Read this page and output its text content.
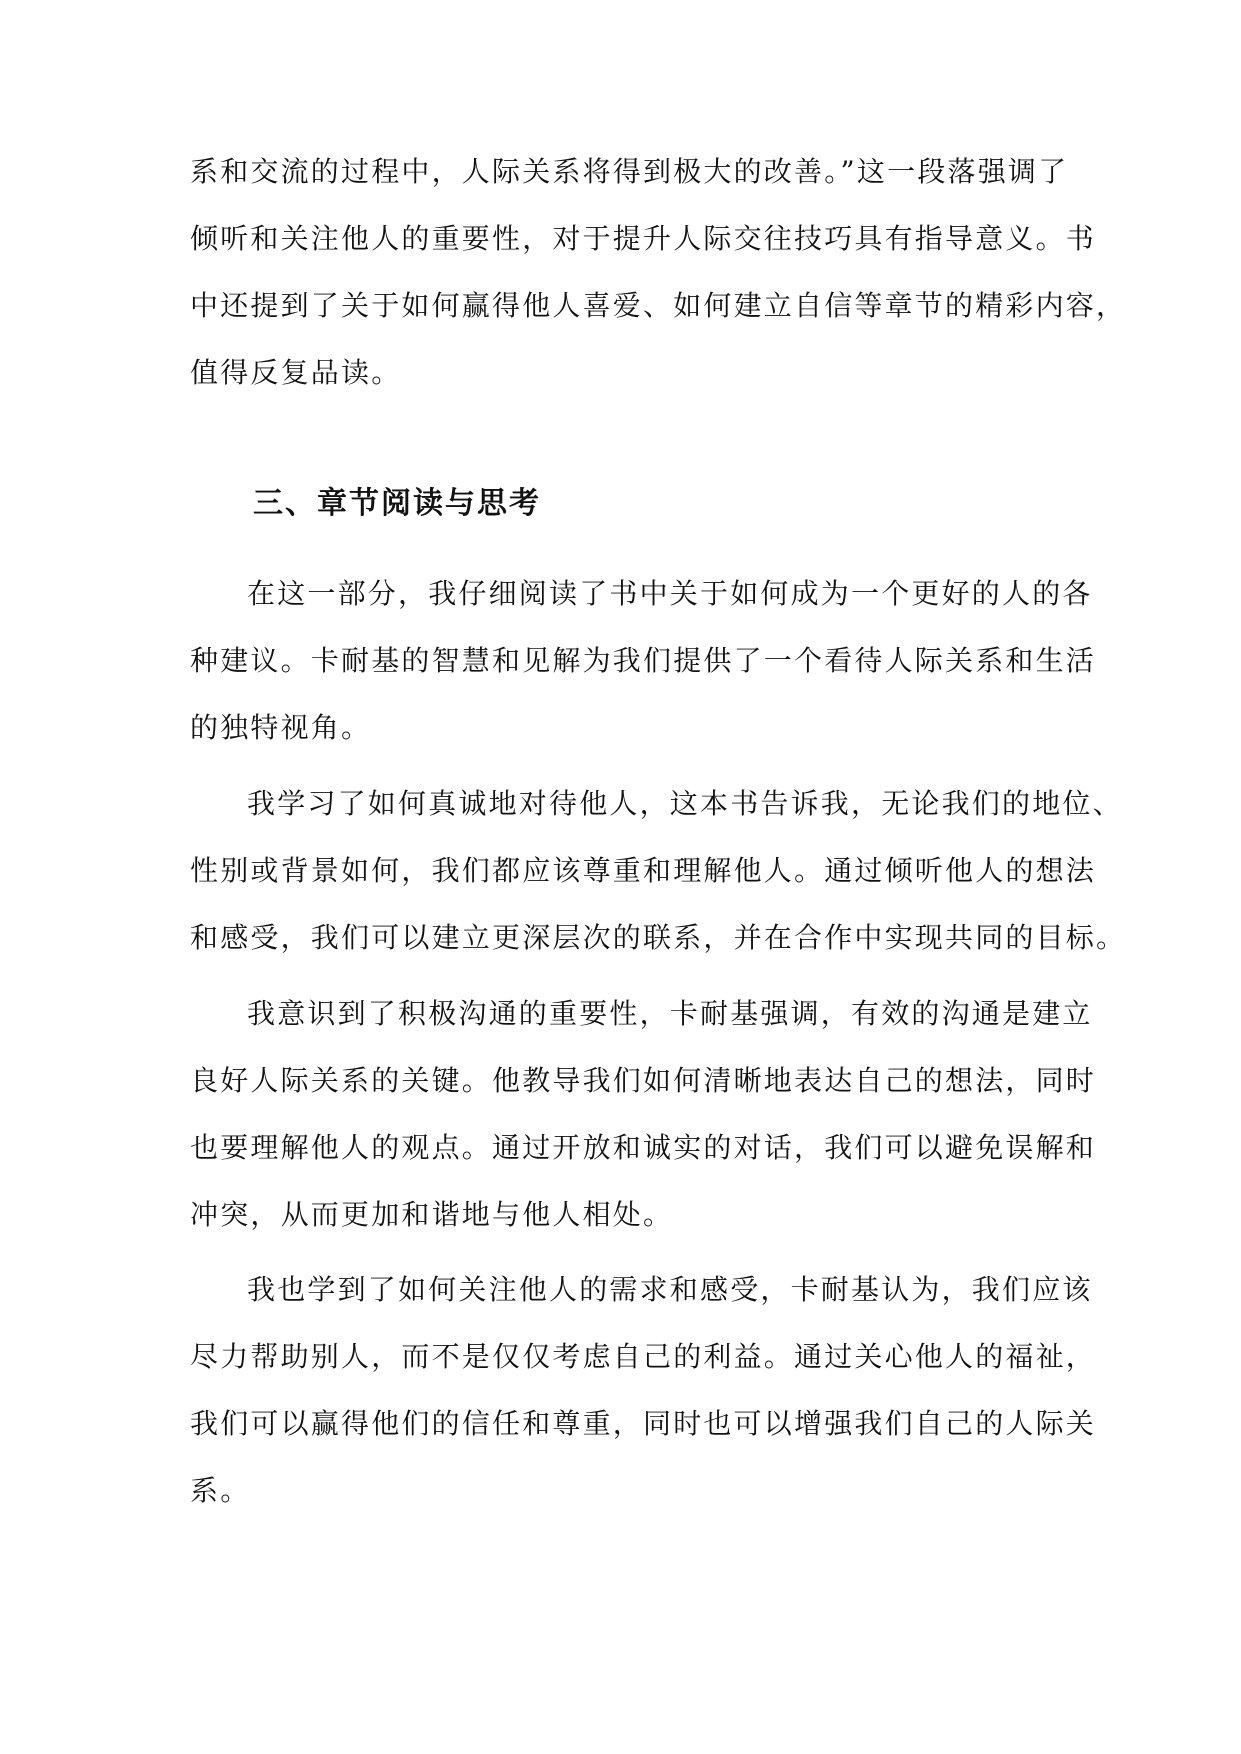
系和交流的过程中，人际关系将得到极大的改善。”这一段落强调了
倾听和关注他人的重要性，对于提升人际交往技巧具有指导意义。书
中还提到了关于如何赢得他人喜爱、如何建立自信等章节的精彩内容，
值得反复品读。
三、章节阅读与思考
在这一部分，我仔细阅读了书中关于如何成为一个更好的人的各
种建议。卡耐基的智慧和见解为我们提供了一个看待人际关系和生活
的独特视角。
我学习了如何真诚地对待他人，这本书告诉我，无论我们的地位、
性别或背景如何，我们都应该尊重和理解他人。通过倾听他人的想法
和感受，我们可以建立更深层次的联系，并在合作中实现共同的目标。
我意识到了积极沟通的重要性，卡耐基强调，有效的沟通是建立
良好人际关系的关键。他教导我们如何清晰地表达自己的想法，同时
也要理解他人的观点。通过开放和诚实的对话，我们可以避免误解和
冲突，从而更加和谐地与他人相处。
我也学到了如何关注他人的需求和感受，卡耐基认为，我们应该
尽力帮助别人，而不是仅仅考虑自己的利益。通过关心他人的福祉，
我们可以赢得他们的信任和尊重，同时也可以增强我们自己的人际关
系。
